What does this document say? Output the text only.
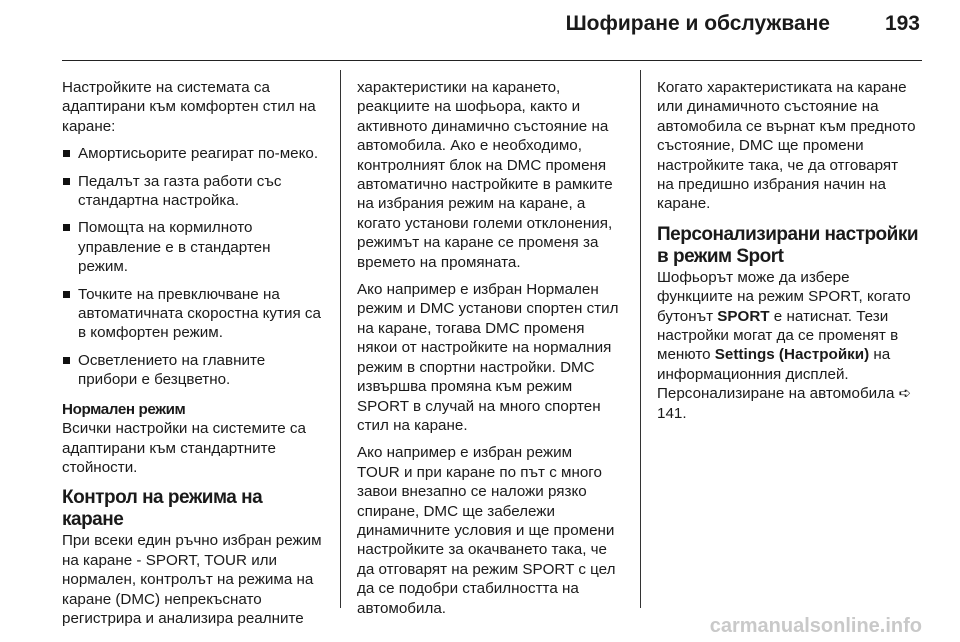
Шофиране и обслужване	193

Настройките на системата са адаптирани към комфортен стил на каране:

Амортисьорите реагират по-меко.
Педалът за газта работи със стандартна настройка.
Помощта на кормилното управление е в стандартен режим.
Точките на превключване на автоматичната скоростна кутия са в комфортен режим.
Осветлението на главните прибори е безцветно.
Нормален режим

Всички настройки на системите са адаптирани към стандартните стойности.

Контрол на режима на каране

При всеки един ръчно избран режим на каране - SPORT, TOUR или нормален, контролът на режима на каране (DMC) непрекъснато регистрира и анализира реалните

характеристики на карането, реакциите на шофьора, както и активното динамично състояние на автомобила. Ако е необходимо, контролният блок на DMC променя автоматично настройките в рамките на избрания режим на каране, а когато установи големи отклонения, режимът на каране се променя за времето на промяната.

Ако например е избран Нормален режим и DMC установи спортен стил на каране, тогава DMC променя някои от настройките на нормалния режим в спортни настройки. DMC извършва промяна към режим SPORT в случай на много спортен стил на каране.

Ако например е избран режим TOUR и при каране по път с много завои внезапно се наложи рязко спиране, DMC ще забележи динамичните условия и ще промени настройките за окачването така, че да отговарят на режим SPORT с цел да се подобри стабилността на автомобила.

Когато характеристиката на каране или динамичното състояние на автомобила се върнат към предното състояние, DMC ще промени настройките така, че да отговарят на предишно избрания начин на каране.

Персонализирани настройки в режим Sport

Шофьорът може да избере функциите на режим SPORT, когато бутонът SPORT е натиснат. Тези настройки могат да се променят в менюто Settings (Настройки) на информационния дисплей. Персонализиране на автомобила ➪ 141.

carmanualsonline.info
